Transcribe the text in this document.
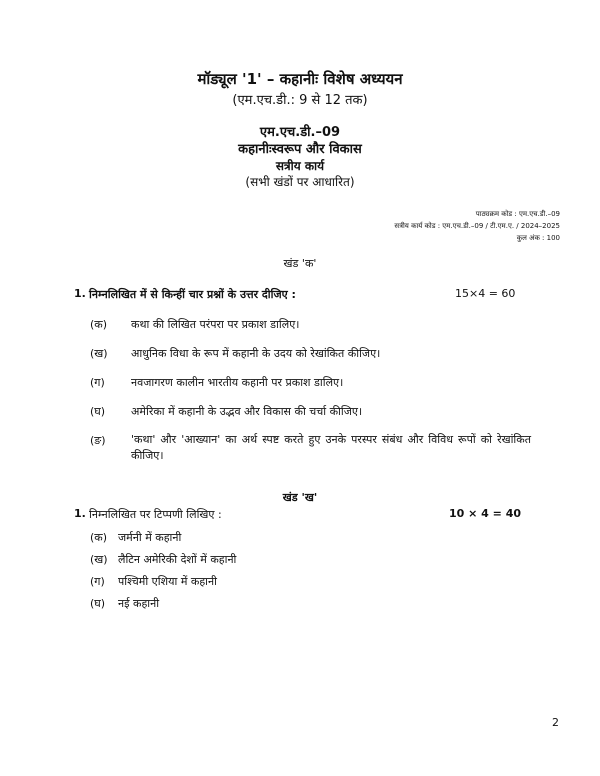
मॉड्यूल '1' – कहानीः विशेष अध्ययन
(एम.एच.डी.: 9 से 12 तक)
एम.एच.डी.–09
कहानीःस्वरूप और विकास
सत्रीय कार्य
(सभी खंडों पर आधारित)
पाठ्यक्रम कोड : एम.एच.डी.–09
सत्रीय कार्य कोड : एम.एच.डी.–09 / टी.एम.ए. / 2024–2025
कुल अंक : 100
खंड 'क'
1. निम्नलिखित में से किन्हीं चार प्रश्नों के उत्तर दीजिए :	15×4 = 60
(क) कथा की लिखित परंपरा पर प्रकाश डालिए।
(ख) आधुनिक विधा के रूप में कहानी के उदय को रेखांकित कीजिए।
(ग) नवजागरण कालीन भारतीय कहानी पर प्रकाश डालिए।
(घ) अमेरिका में कहानी के उद्भव और विकास की चर्चा कीजिए।
(ङ) 'कथा' और 'आख्यान' का अर्थ स्पष्ट करते हुए उनके परस्पर संबंध और विविध रूपों को रेखांकित कीजिए।
खंड 'ख'
1. निम्नलिखित पर टिप्पणी लिखिए :	10 × 4 = 40
(क) जर्मनी में कहानी
(ख) लैटिन अमेरिकी देशों में कहानी
(ग) पश्चिमी एशिया में कहानी
(घ) नई कहानी
2
